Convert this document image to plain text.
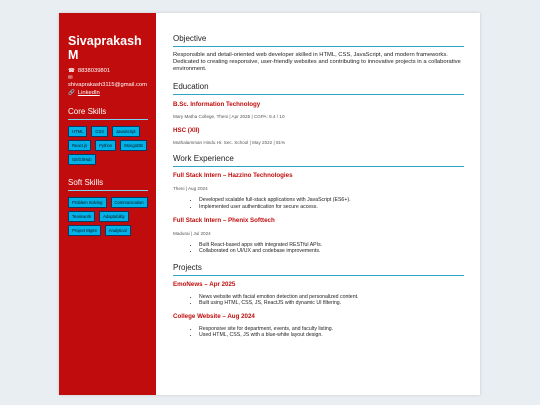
Sivaprakash M
☎ 8838039801
✉
shivaprakash3115@gmail.com
🔗 LinkedIn
Core Skills
HTML	CSS	JavaScript
React.js	Python	MongoDB
Git/GitHub
Soft Skills
Problem Solving	Communication
Teamwork	Adaptability
Project Mgmt	Analytical
Objective

Responsible and detail-oriented web developer skilled in HTML, CSS, JavaScript, and modern frameworks. Dedicated to creating responsive, user-friendly websites and contributing to innovative projects in a collaborative environment.

Education
B.Sc. Information Technology
Mary Matha College, Theni | Apr 2025 | CGPA: 8.4 / 10
HSC (XII)
Muthalamman Hindu Hr. Sec. School | May 2022 | 81%
Work Experience
Full Stack Intern – Hazzino Technologies
Theni | Aug 2024
• Developed scalable full-stack applications with JavaScript (ES6+).
• Implemented user authentication for secure access.
Full Stack Intern – Phenix Softtech
Madurai | Jul 2024
• Built React-based apps with integrated RESTful APIs.
• Collaborated on UI/UX and codebase improvements.
Projects
EmoNews – Apr 2025
• News website with facial emotion detection and personalized content.
• Built using HTML, CSS, JS, ReactJS with dynamic UI filtering.
College Website – Aug 2024
• Responsive site for department, events, and faculty listing.
• Used HTML, CSS, JS with a blue-white layout design.
